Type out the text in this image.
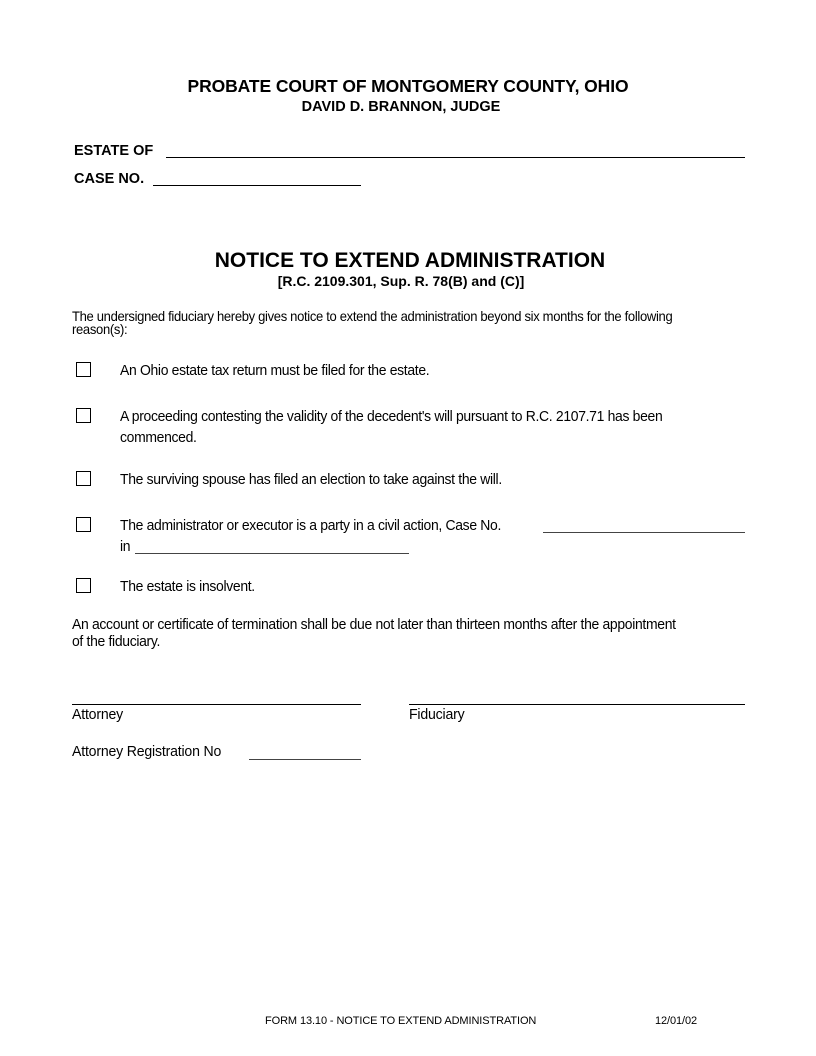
PROBATE COURT OF MONTGOMERY COUNTY, OHIO
DAVID D. BRANNON, JUDGE
ESTATE OF
CASE NO.
NOTICE TO EXTEND ADMINISTRATION
[R.C. 2109.301, Sup. R. 78(B) and (C)]
The undersigned fiduciary hereby gives notice to extend the administration beyond six months for the following
reason(s):
An Ohio estate tax return must be filed for the estate.
A proceeding contesting the validity of the decedent's will pursuant to R.C. 2107.71 has been
commenced.
The surviving spouse has filed an election to take against the will.
The administrator or executor is a party in a civil action, Case No.
in
The estate is insolvent.
An account or certificate of termination shall be due not later than thirteen months after the appointment
of the fiduciary.
Attorney	Fiduciary
Attorney Registration No
FORM 13.10 - NOTICE TO EXTEND ADMINISTRATION	12/01/02
